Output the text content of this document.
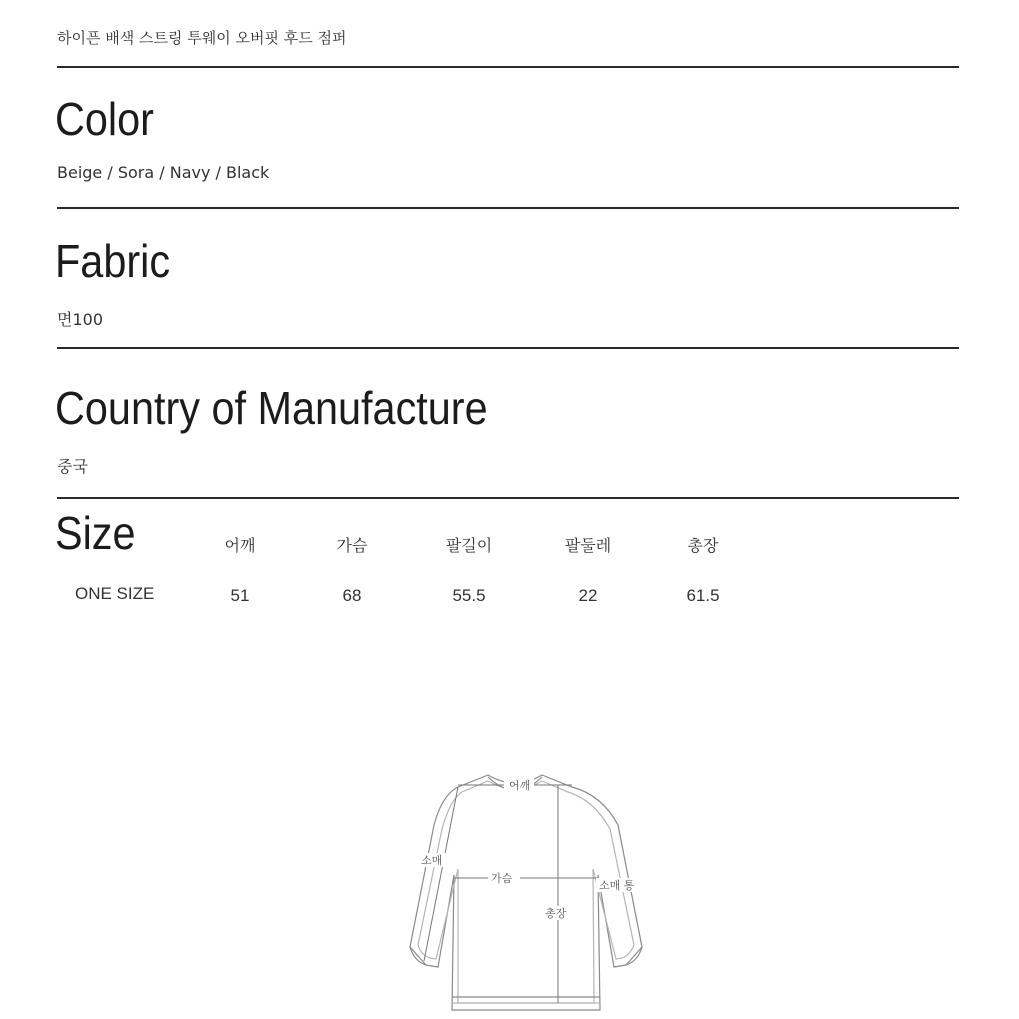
하이픈 배색 스트링 투웨이 오버핏 후드 점퍼
Color
Beige / Sora / Navy / Black
Fabric
면100
Country of Manufacture
중국
Size	어깨	가슴	팔길이	팔둘레	총장
ONE SIZE	51	68	55.5	22	61.5
어깨
소매
가슴
총장
소매 통
